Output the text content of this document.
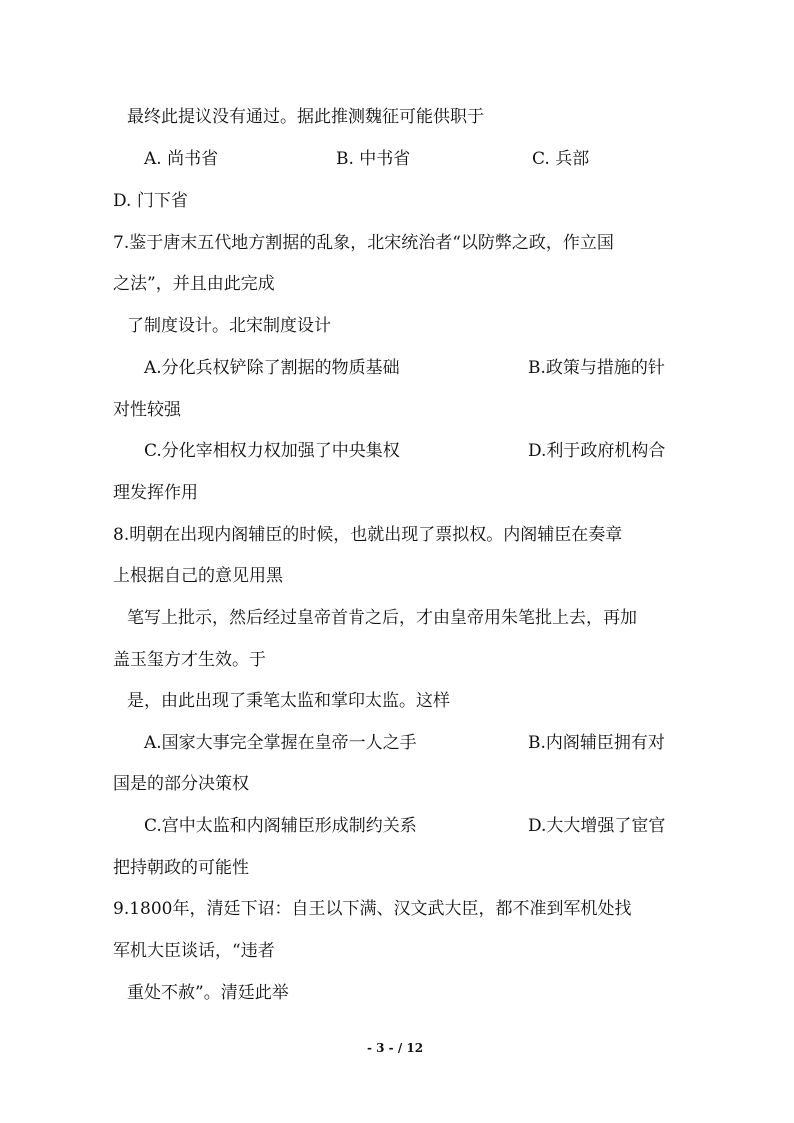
最终此提议没有通过。据此推测魏征可能供职于
A. 尚书省	B. 中书省	C. 兵部
D. 门下省
7.鉴于唐末五代地方割据的乱象，北宋统治者“以防弊之政，作立国
之法”，并且由此完成
了制度设计。北宋制度设计
A.分化兵权铲除了割据的物质基础	B.政策与措施的针
对性较强
C.分化宰相权力权加强了中央集权	D.利于政府机构合
理发挥作用
8.明朝在出现内阁辅臣的时候，也就出现了票拟权。内阁辅臣在奏章
上根据自己的意见用黑
笔写上批示，然后经过皇帝首肯之后，才由皇帝用朱笔批上去，再加
盖玉玺方才生效。于
是，由此出现了秉笔太监和掌印太监。这样
A.国家大事完全掌握在皇帝一人之手	B.内阁辅臣拥有对
国是的部分决策权
C.宫中太监和内阁辅臣形成制约关系	D.大大增强了宦官
把持朝政的可能性
9.1800年，清廷下诏：自王以下满、汉文武大臣，都不准到军机处找
军机大臣谈话，“违者
重处不赦”。清廷此举
- 3 - / 12
